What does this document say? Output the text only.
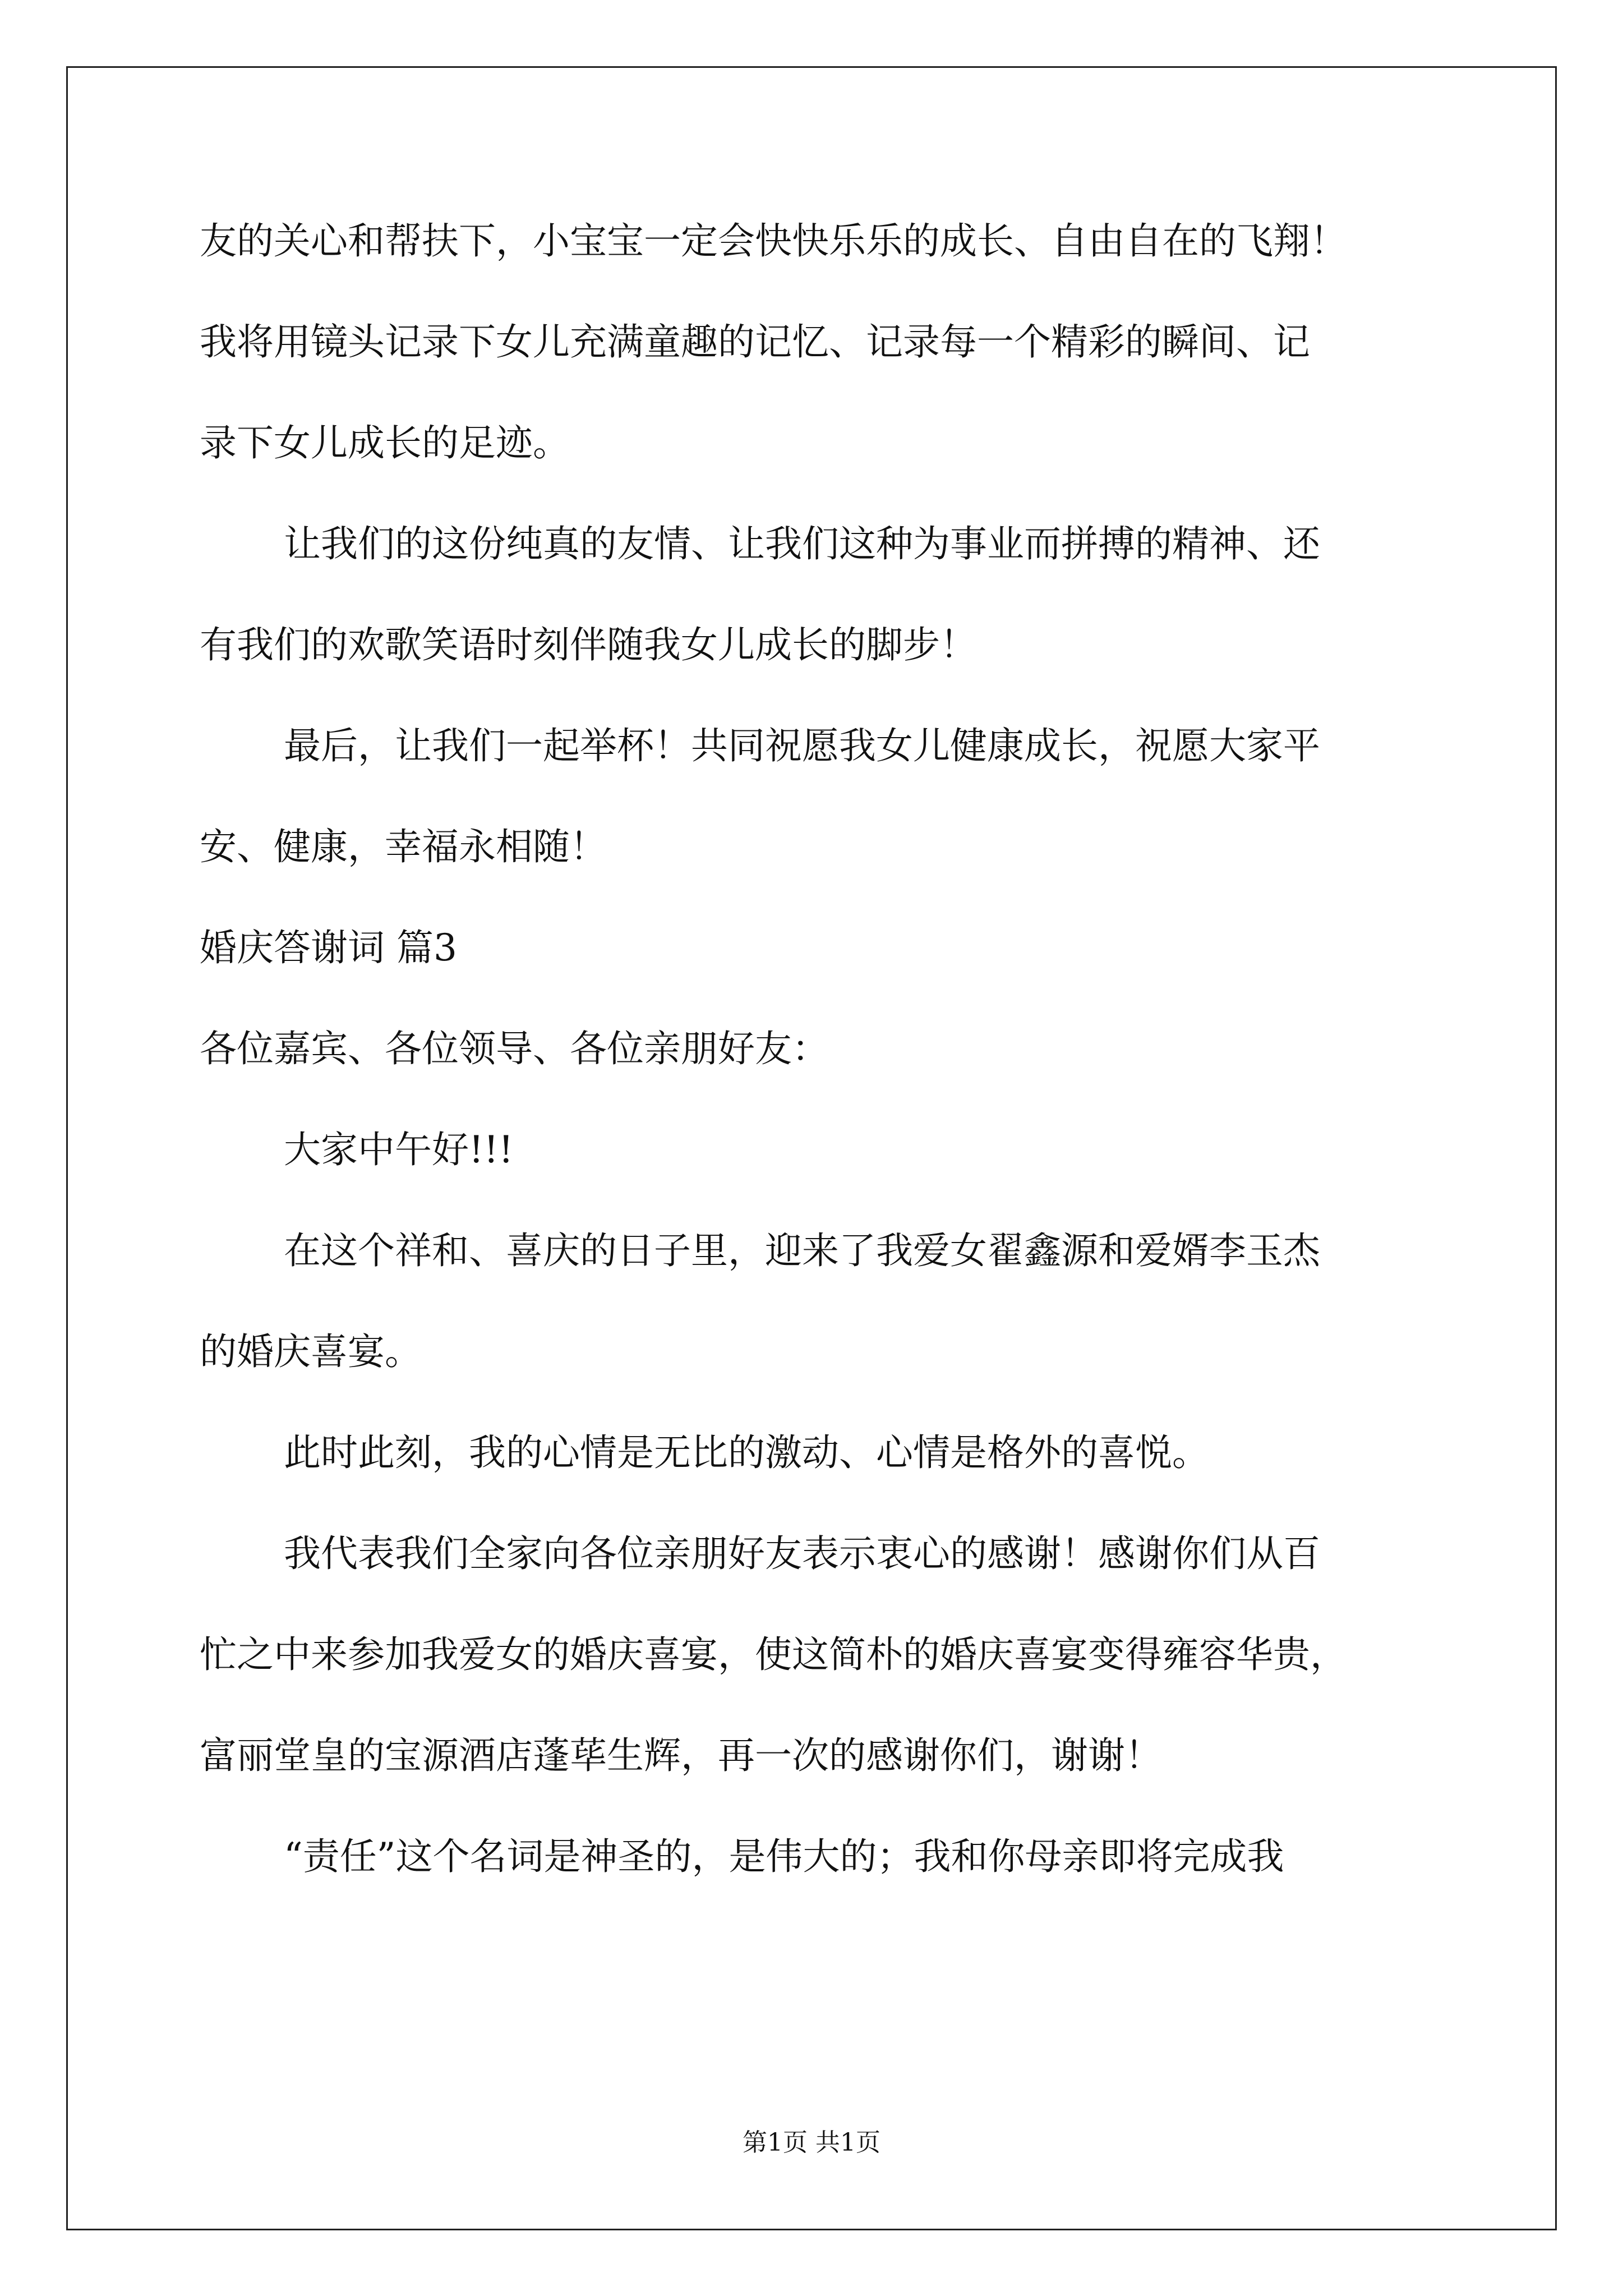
友的关心和帮扶下，小宝宝一定会快快乐乐的成长、自由自在的飞翔！

我将用镜头记录下女儿充满童趣的记忆、记录每一个精彩的瞬间、记

录下女儿成长的足迹。

让我们的这份纯真的友情、让我们这种为事业而拼搏的精神、还

有我们的欢歌笑语时刻伴随我女儿成长的脚步！

最后，让我们一起举杯！共同祝愿我女儿健康成长，祝愿大家平

安、健康，幸福永相随！

婚庆答谢词 篇3

各位嘉宾、各位领导、各位亲朋好友：

大家中午好!!!

在这个祥和、喜庆的日子里，迎来了我爱女翟鑫源和爱婿李玉杰

的婚庆喜宴。

此时此刻，我的心情是无比的激动、心情是格外的喜悦。

我代表我们全家向各位亲朋好友表示衷心的感谢！感谢你们从百

忙之中来参加我爱女的婚庆喜宴，使这简朴的婚庆喜宴变得雍容华贵，

富丽堂皇的宝源酒店蓬荜生辉，再一次的感谢你们，谢谢！

“责任”这个名词是神圣的，是伟大的；我和你母亲即将完成我

第1页 共1页
